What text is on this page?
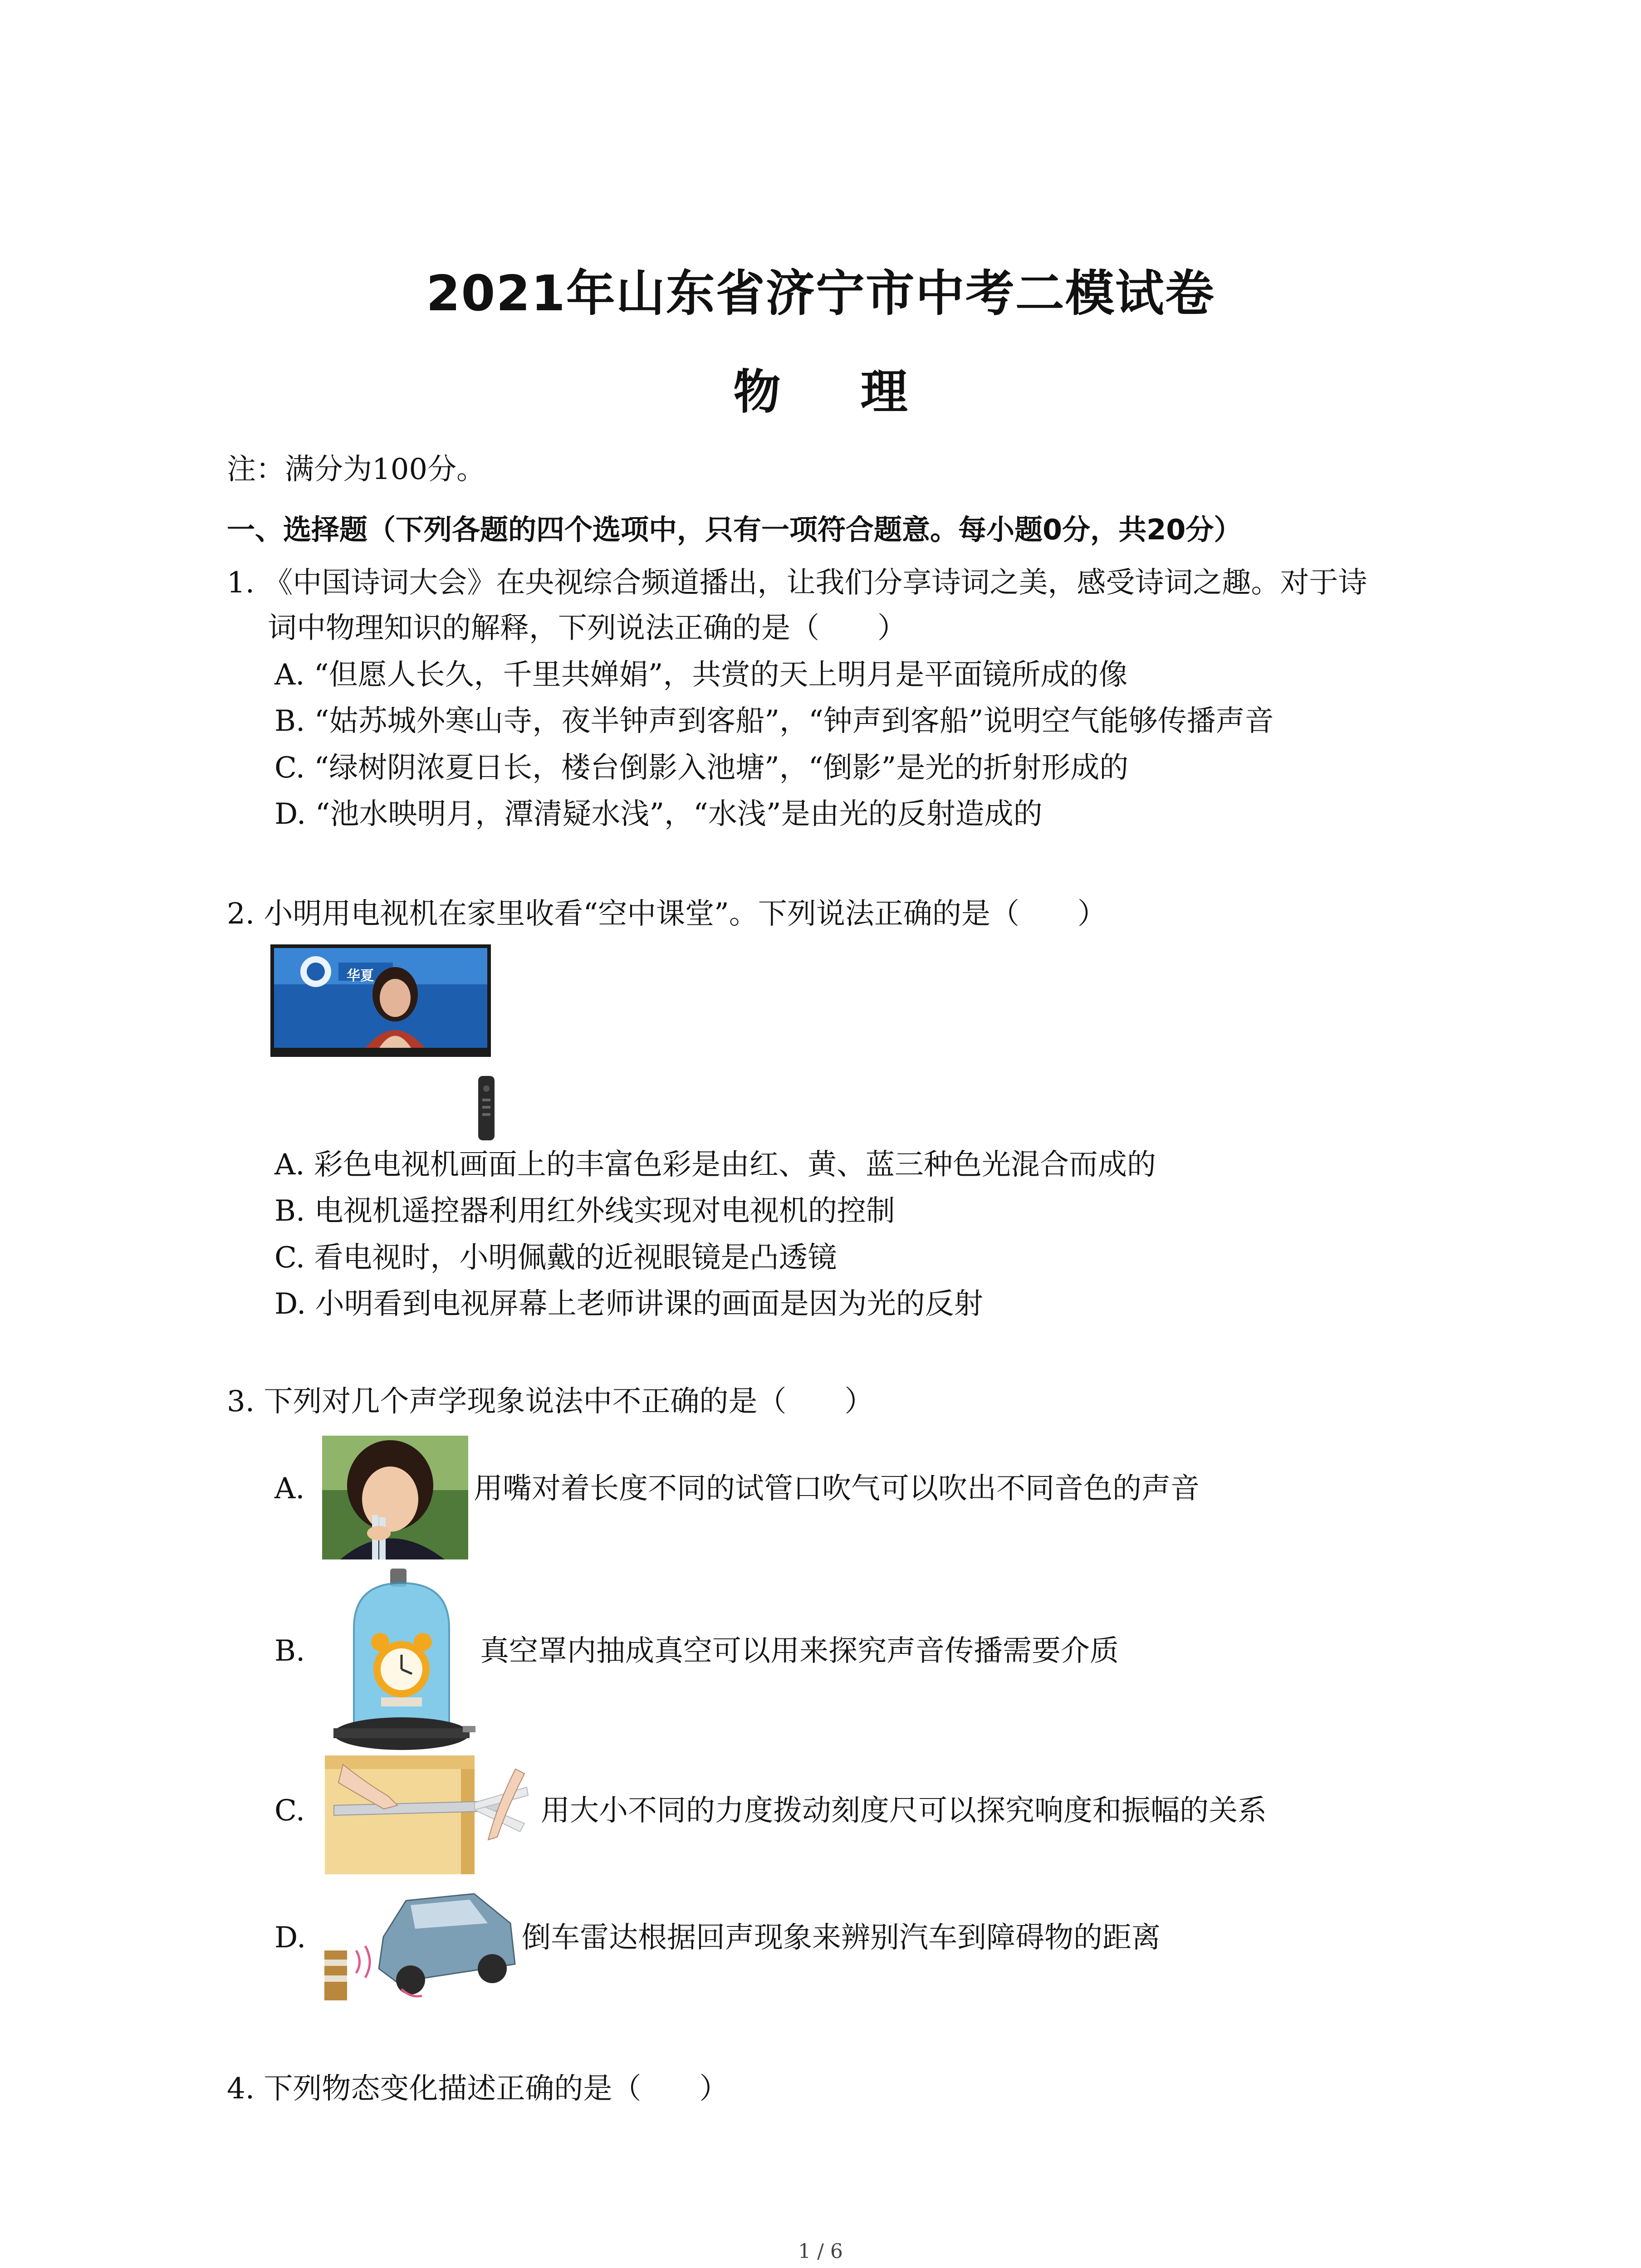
2021年山东省济宁市中考二模试卷
物 理
注：满分为100分。
一、选择题（下列各题的四个选项中，只有一项符合题意。每小题0分，共20分）
1. 《中国诗词大会》在央视综合频道播出，让我们分享诗词之美，感受诗词之趣。对于诗
词中物理知识的解释，下列说法正确的是（　　）
A. “但愿人长久，千里共婵娟”，共赏的天上明月是平面镜所成的像
B. “姑苏城外寒山寺，夜半钟声到客船”，“钟声到客船”说明空气能够传播声音
C. “绿树阴浓夏日长，楼台倒影入池塘”，“倒影”是光的折射形成的
D. “池水映明月，潭清疑水浅”，“水浅”是由光的反射造成的
2. 小明用电视机在家里收看“空中课堂”。下列说法正确的是（　　）
华夏
A. 彩色电视机画面上的丰富色彩是由红、黄、蓝三种色光混合而成的
B. 电视机遥控器利用红外线实现对电视机的控制
C. 看电视时，小明佩戴的近视眼镜是凸透镜
D. 小明看到电视屏幕上老师讲课的画面是因为光的反射
3. 下列对几个声学现象说法中不正确的是（　　）
A.	用嘴对着长度不同的试管口吹气可以吹出不同音色的声音
B.	真空罩内抽成真空可以用来探究声音传播需要介质
C.	用大小不同的力度拨动刻度尺可以探究响度和振幅的关系
D.	倒车雷达根据回声现象来辨别汽车到障碍物的距离
4. 下列物态变化描述正确的是（　　）
1 / 6
